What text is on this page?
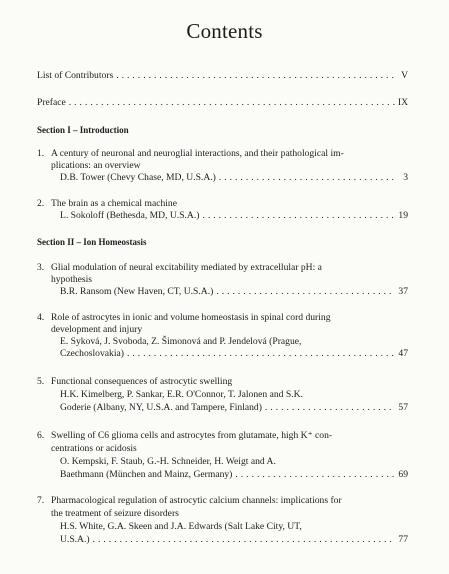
Contents
List of Contributors . . .	V
Preface . . .	IX
Section I – Introduction
1. A century of neuronal and neuroglial interactions, and their pathological im-
plications: an overview
D.B. Tower (Chevy Chase, MD, U.S.A.) . . .	3
2. The brain as a chemical machine
L. Sokoloff (Bethesda, MD, U.S.A.) . . .	19
Section II – Ion Homeostasis
3. Glial modulation of neural excitability mediated by extracellular pH: a
hypothesis
B.R. Ransom (New Haven, CT, U.S.A.) . . .	37
4. Role of astrocytes in ionic and volume homeostasis in spinal cord during
development and injury
E. Syková, J. Svoboda, Z. Šimonová and P. Jendelová (Prague,
Czechoslovakia) . . .	47
5. Functional consequences of astrocytic swelling
H.K. Kimelberg, P. Sankar, E.R. O'Connor, T. Jalonen and S.K.
Goderie (Albany, NY, U.S.A. and Tampere, Finland) . . .	57
6. Swelling of C6 glioma cells and astrocytes from glutamate, high K⁺ con-
centrations or acidosis
O. Kempski, F. Staub, G.-H. Schneider, H. Weigt and A.
Baethmann (München and Mainz, Germany) . . .	69
7. Pharmacological regulation of astrocytic calcium channels: implications for
the treatment of seizure disorders
H.S. White, G.A. Skeen and J.A. Edwards (Salt Lake City, UT,
U.S.A.) . . .	77
